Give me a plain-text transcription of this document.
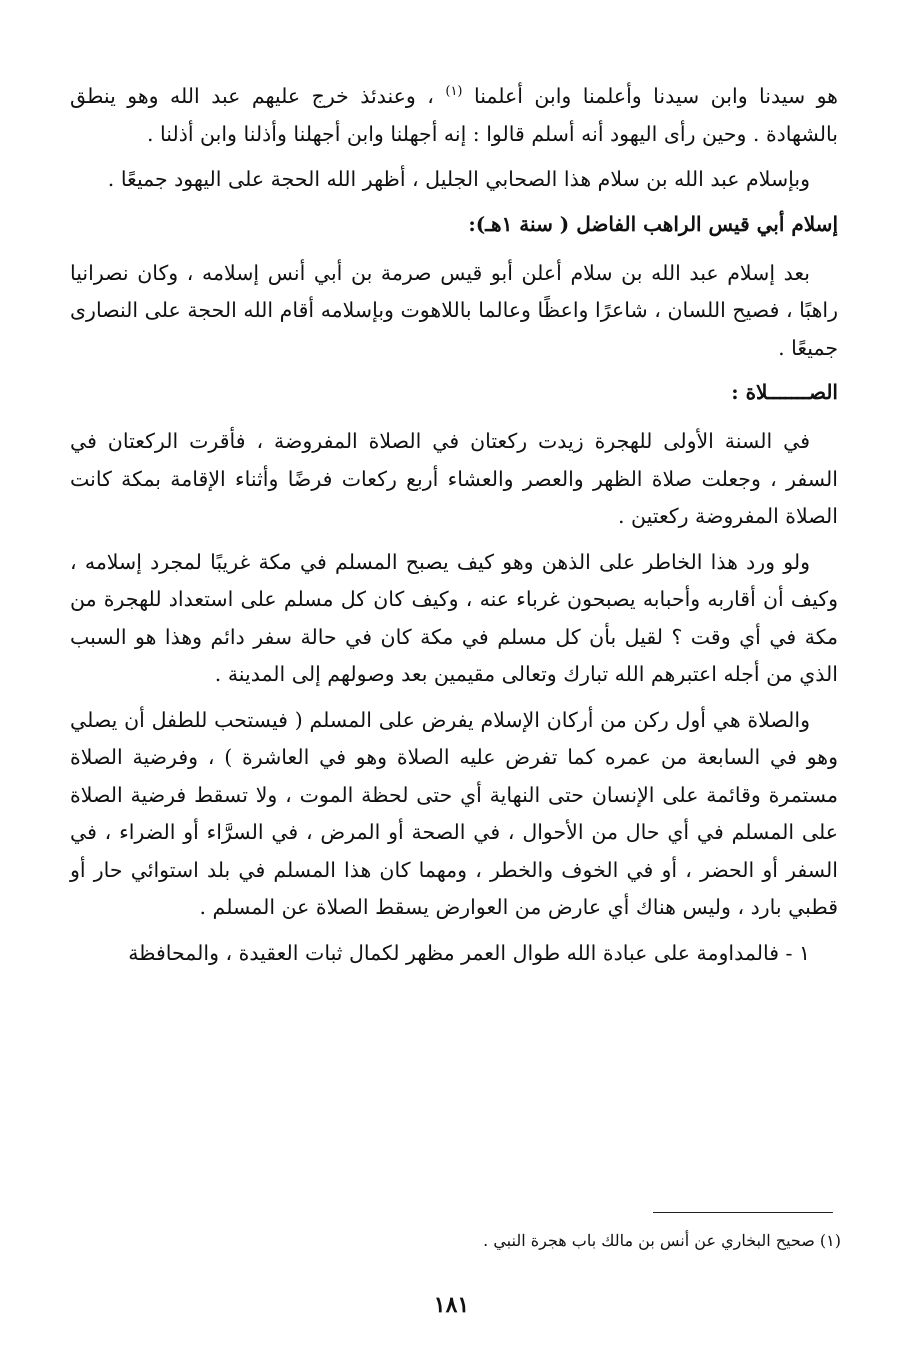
هو سيدنا وابن سيدنا وأعلمنا وابن أعلمنا $^{(١)}$ ، وعندئذ خرج عليهم عبد الله وهو ينطق بالشهادة . وحين رأى اليهود أنه أسلم قالوا : إنه أجهلنا وابن أجهلنا وأذلنا وابن أذلنا .

وبإسلام عبد الله بن سلام هذا الصحابي الجليل ، أظهر الله الحجة على اليهود جميعًا .

إسلام أبي قيس الراهب الفاضل ( سنة ١هـ):

بعد إسلام عبد الله بن سلام أعلن أبو قيس صرمة بن أبي أنس إسلامه ، وكان نصرانيا راهبًا ، فصيح اللسان ، شاعرًا واعظًا وعالما باللاهوت وبإسلامه أقام الله الحجة على النصارى جميعًا .

الصـــــــلاة :

في السنة الأولى للهجرة زيدت ركعتان في الصلاة المفروضة ، فأقرت الركعتان في السفر ، وجعلت صلاة الظهر والعصر والعشاء أربع ركعات فرضًا وأثناء الإقامة بمكة كانت الصلاة المفروضة ركعتين .

ولو ورد هذا الخاطر على الذهن وهو كيف يصبح المسلم في مكة غريبًا لمجرد إسلامه ، وكيف أن أقاربه وأحبابه يصبحون غرباء عنه ، وكيف كان كل مسلم على استعداد للهجرة من مكة في أي وقت ؟ لقيل بأن كل مسلم في مكة كان في حالة سفر دائم وهذا هو السبب الذي من أجله اعتبرهم الله تبارك وتعالى مقيمين بعد وصولهم إلى المدينة .

والصلاة هي أول ركن من أركان الإسلام يفرض على المسلم ( فيستحب للطفل أن يصلي وهو في السابعة من عمره كما تفرض عليه الصلاة وهو في العاشرة ) ، وفرضية الصلاة مستمرة وقائمة على الإنسان حتى النهاية أي حتى لحظة الموت ، ولا تسقط فرضية الصلاة على المسلم في أي حال من الأحوال ، في الصحة أو المرض ، في السرَّاء أو الضراء ، في السفر أو الحضر ، أو في الخوف والخطر ، ومهما كان هذا المسلم في بلد استوائي حار أو قطبي بارد ، وليس هناك أي عارض من العوارض يسقط الصلاة عن المسلم .

١ - فالمداومة على عبادة الله طوال العمر مظهر لكمال ثبات العقيدة ، والمحافظة

(١) صحيح البخاري عن أنس بن مالك باب هجرة النبي .
١٨١
